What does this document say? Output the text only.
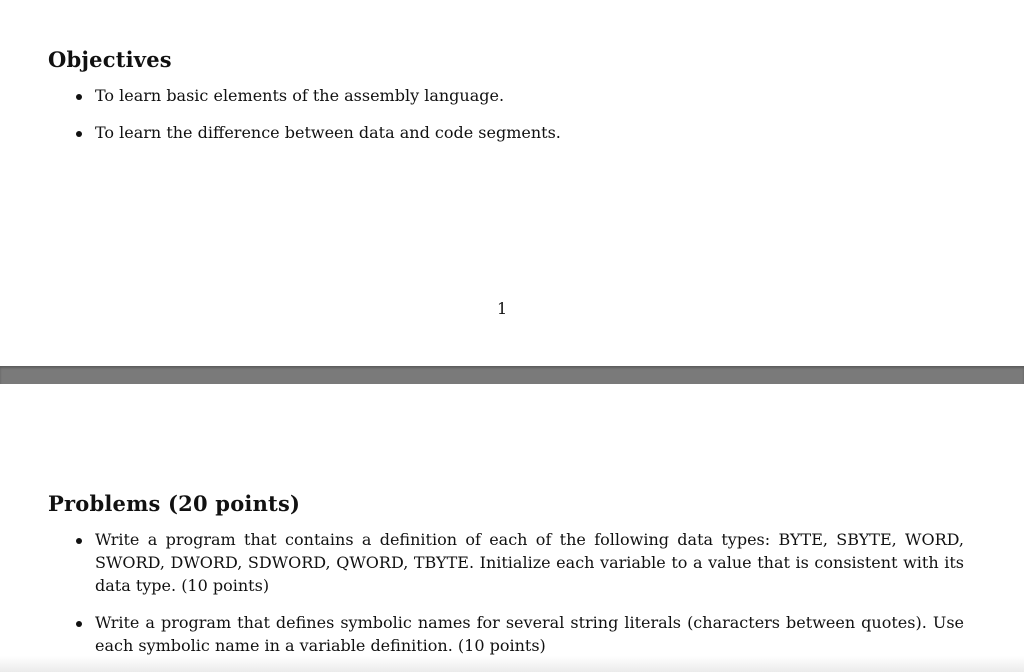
Objectives
To learn basic elements of the assembly language.
To learn the difference between data and code segments.
1
Problems (20 points)
Write a program that contains a definition of each of the following data types: BYTE, SBYTE, WORD, SWORD, DWORD, SDWORD, QWORD, TBYTE. Initialize each variable to a value that is consistent with its data type. (10 points)
Write a program that defines symbolic names for several string literals (characters between quotes). Use each symbolic name in a variable definition. (10 points)
